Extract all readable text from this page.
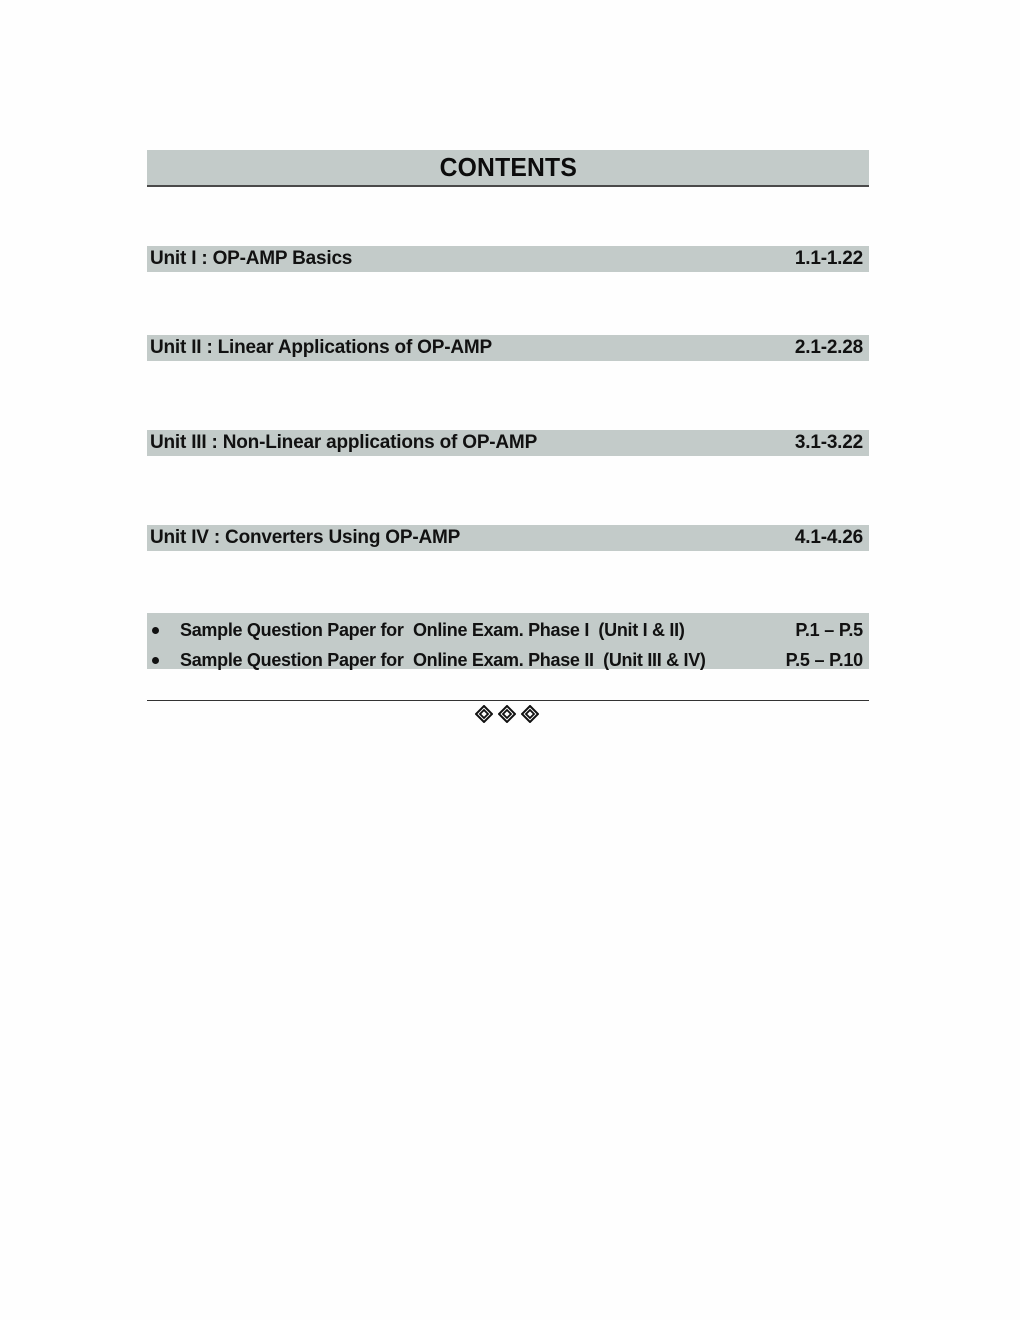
CONTENTS
Unit I : OP-AMP Basics	1.1-1.22
Unit II : Linear Applications of OP-AMP	2.1-2.28
Unit III : Non-Linear applications of OP-AMP	3.1-3.22
Unit IV : Converters Using OP-AMP	4.1-4.26
Sample Question Paper for  Online Exam. Phase I  (Unit I & II)	P.1 – P.5
Sample Question Paper for  Online Exam. Phase II  (Unit III & IV)	P.5 – P.10
